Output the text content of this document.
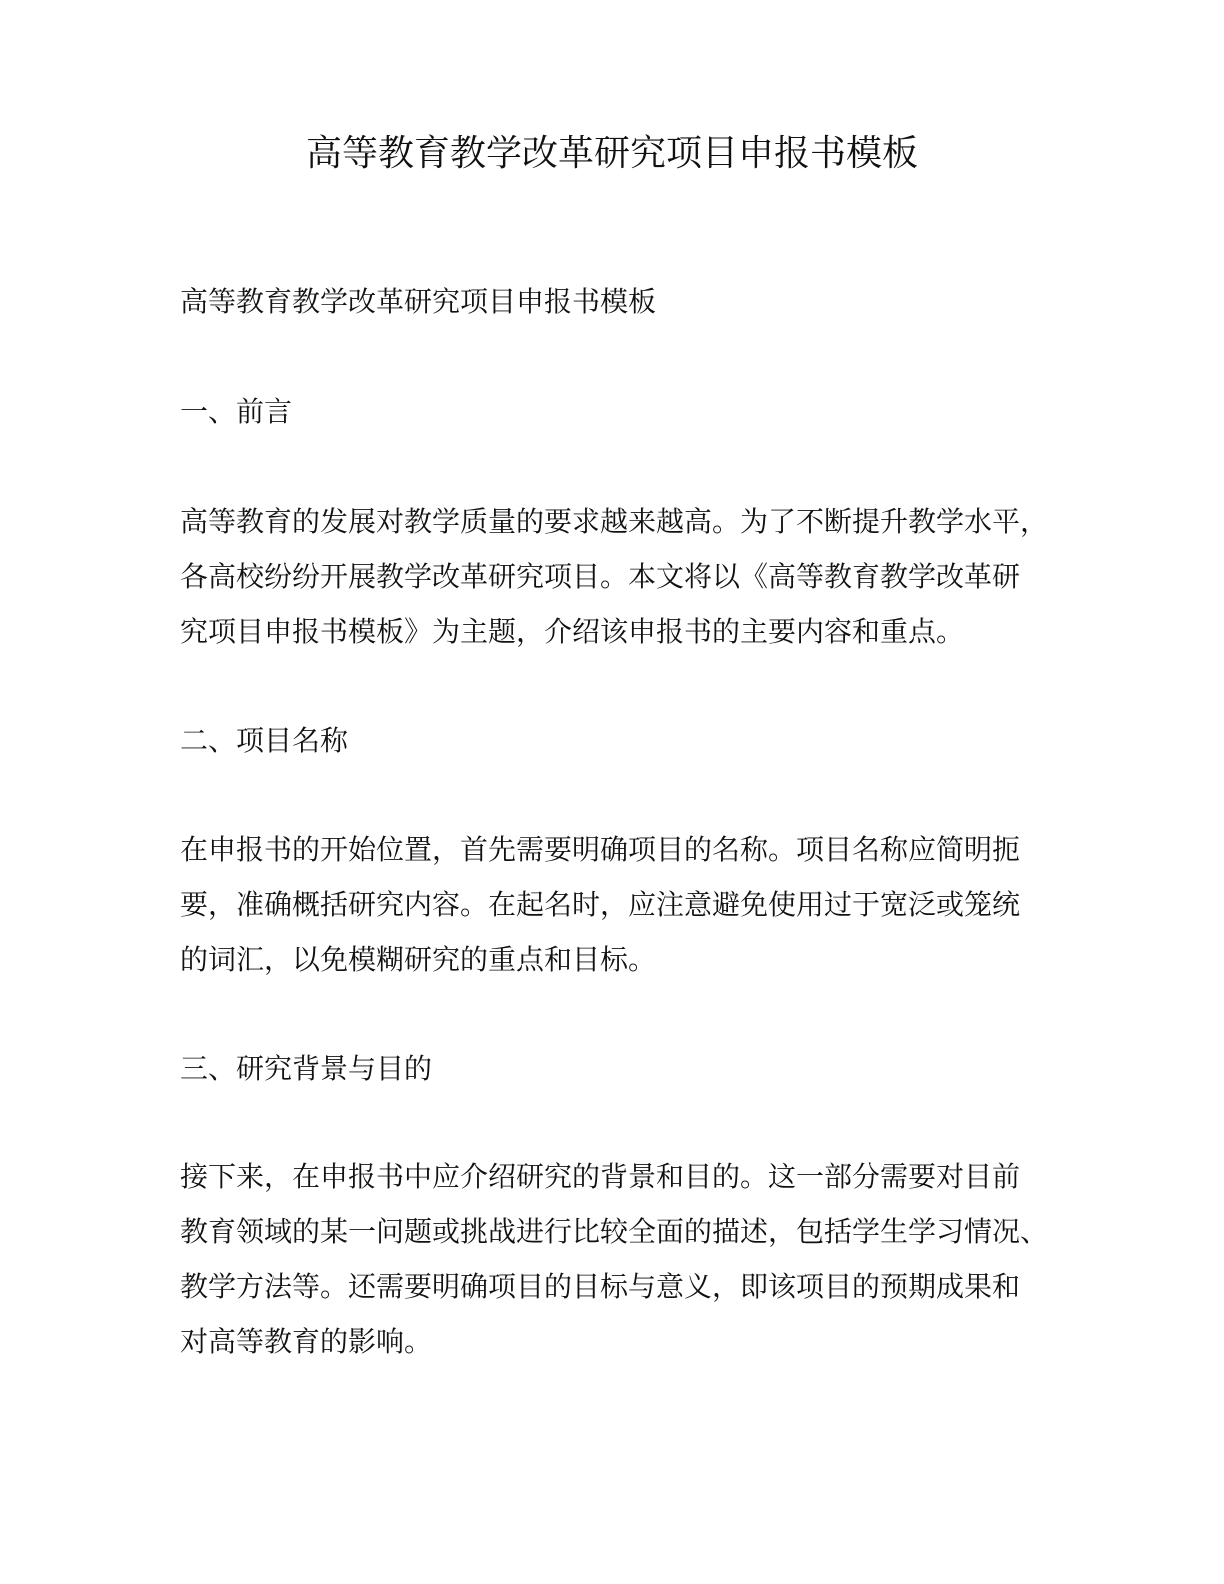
高等教育教学改革研究项目申报书模板

高等教育教学改革研究项目申报书模板

一、前言
高等教育的发展对教学质量的要求越来越高。为了不断提升教学水平，
各高校纷纷开展教学改革研究项目。本文将以《高等教育教学改革研
究项目申报书模板》为主题，介绍该申报书的主要内容和重点。
二、项目名称
在申报书的开始位置，首先需要明确项目的名称。项目名称应简明扼
要，准确概括研究内容。在起名时，应注意避免使用过于宽泛或笼统
的词汇，以免模糊研究的重点和目标。
三、研究背景与目的
接下来，在申报书中应介绍研究的背景和目的。这一部分需要对目前
教育领域的某一问题或挑战进行比较全面的描述，包括学生学习情况、
教学方法等。还需要明确项目的目标与意义，即该项目的预期成果和
对高等教育的影响。
